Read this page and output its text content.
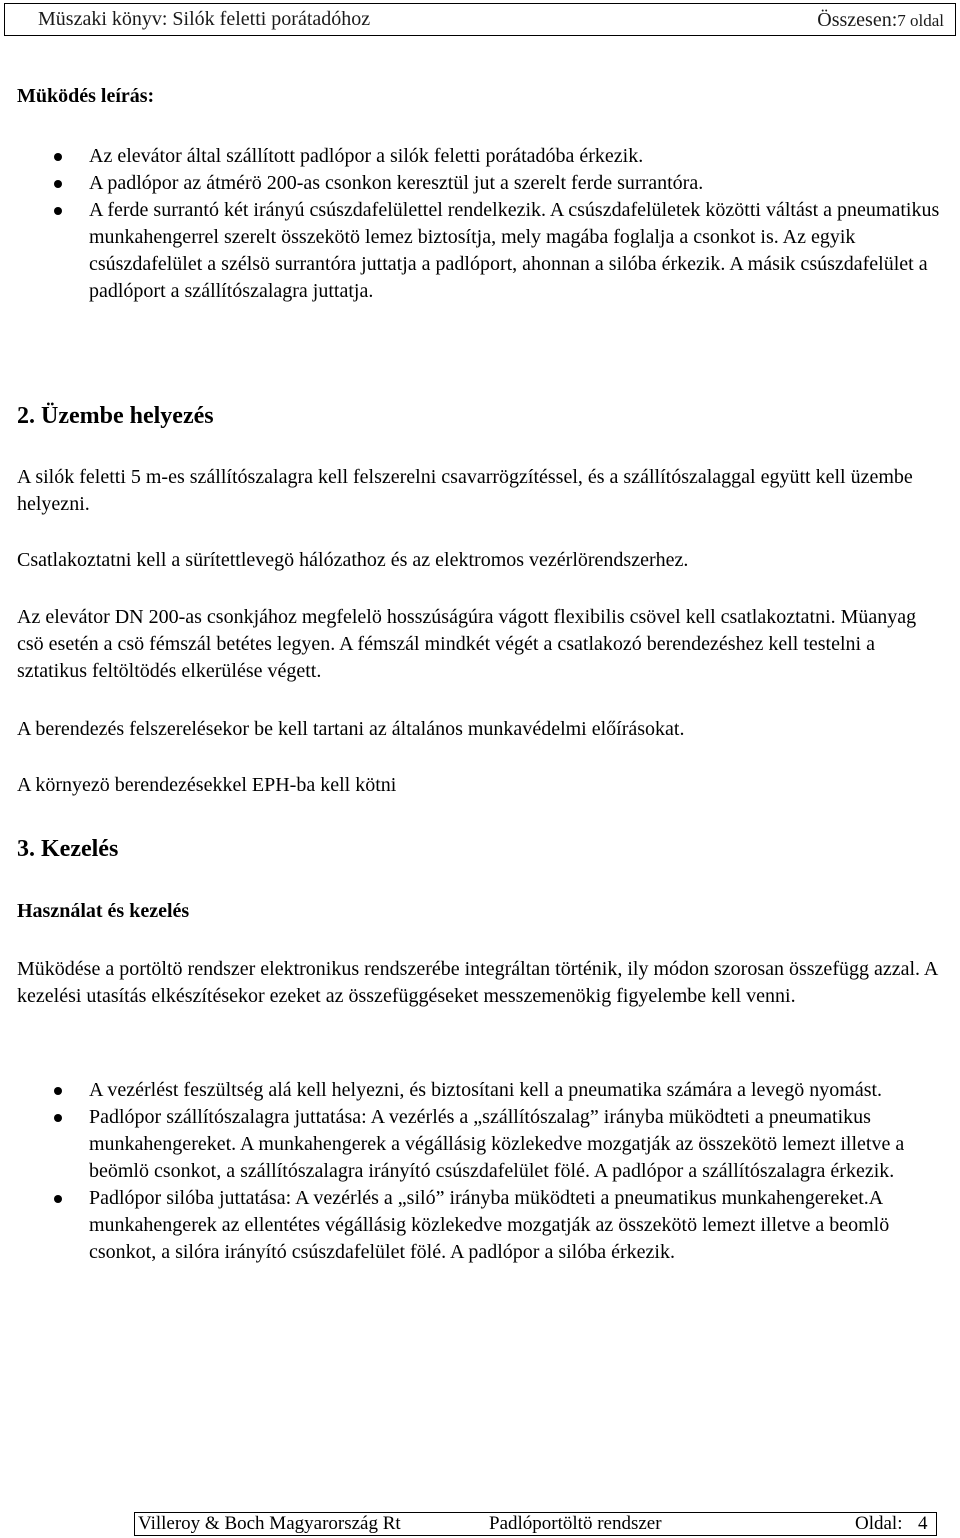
Müszaki könyv: Silók feletti porátadóhoz	Összesen:7 oldal
Müködés leírás:
Az elevátor által szállított padlópor a silók feletti porátadóba érkezik.
A padlópor az átmérö 200-as csonkon keresztül jut a szerelt ferde surrantóra.
A ferde surrantó két irányú csúszdafelülettel rendelkezik. A csúszdafelületek közötti váltást a pneumatikus munkahengerrel szerelt összekötö lemez biztosítja, mely magába foglalja a csonkot is. Az egyik csúszdafelület a szélsö surrantóra juttatja a padlóport, ahonnan a silóba érkezik. A másik csúszdafelület a padlóport a szállítószalagra juttatja.
2. Üzembe helyezés
A silók feletti 5 m-es szállítószalagra kell felszerelni csavarrögzítéssel, és a szállítószalaggal együtt kell üzembe helyezni.
Csatlakoztatni kell a sürítettlevegö hálózathoz és az elektromos vezérlörendszerhez.
Az elevátor DN 200-as csonkjához megfelelö hosszúságúra vágott flexibilis csövel kell csatlakoztatni. Müanyag csö esetén a csö fémszál betétes legyen. A fémszál mindkét végét a csatlakozó berendezéshez kell testelni a sztatikus feltöltödés elkerülése végett.
A berendezés felszerelésekor be kell tartani az általános munkavédelmi előírásokat.
A környezö berendezésekkel EPH-ba kell kötni
3. Kezelés
Használat és kezelés
Müködése a portöltö rendszer elektronikus rendszerébe integráltan történik, ily módon szorosan összefügg azzal. A kezelési utasítás elkészítésekor ezeket az összefüggéseket messzemenökig figyelembe kell venni.
A vezérlést feszültség alá kell helyezni, és biztosítani kell a pneumatika számára a levegö nyomást.
Padlópor szállítószalagra juttatása: A vezérlés a „szállítószalag” irányba müködteti a pneumatikus munkahengereket. A munkahengerek a végállásig közlekedve mozgatják az összekötö lemezt illetve a beömlö csonkot, a szállítószalagra irányító csúszdafelület fölé. A padlópor a szállítószalagra érkezik.
Padlópor silóba juttatása: A vezérlés a „siló” irányba müködteti a pneumatikus munkahengereket.A munkahengerek az ellentétes végállásig közlekedve mozgatják az összekötö lemezt illetve a beomlö csonkot, a silóra irányító csúszdafelület fölé. A padlópor a silóba érkezik.
Villeroy & Boch Magyarország Rt	Padlóportöltö rendszer	Oldal: 4
